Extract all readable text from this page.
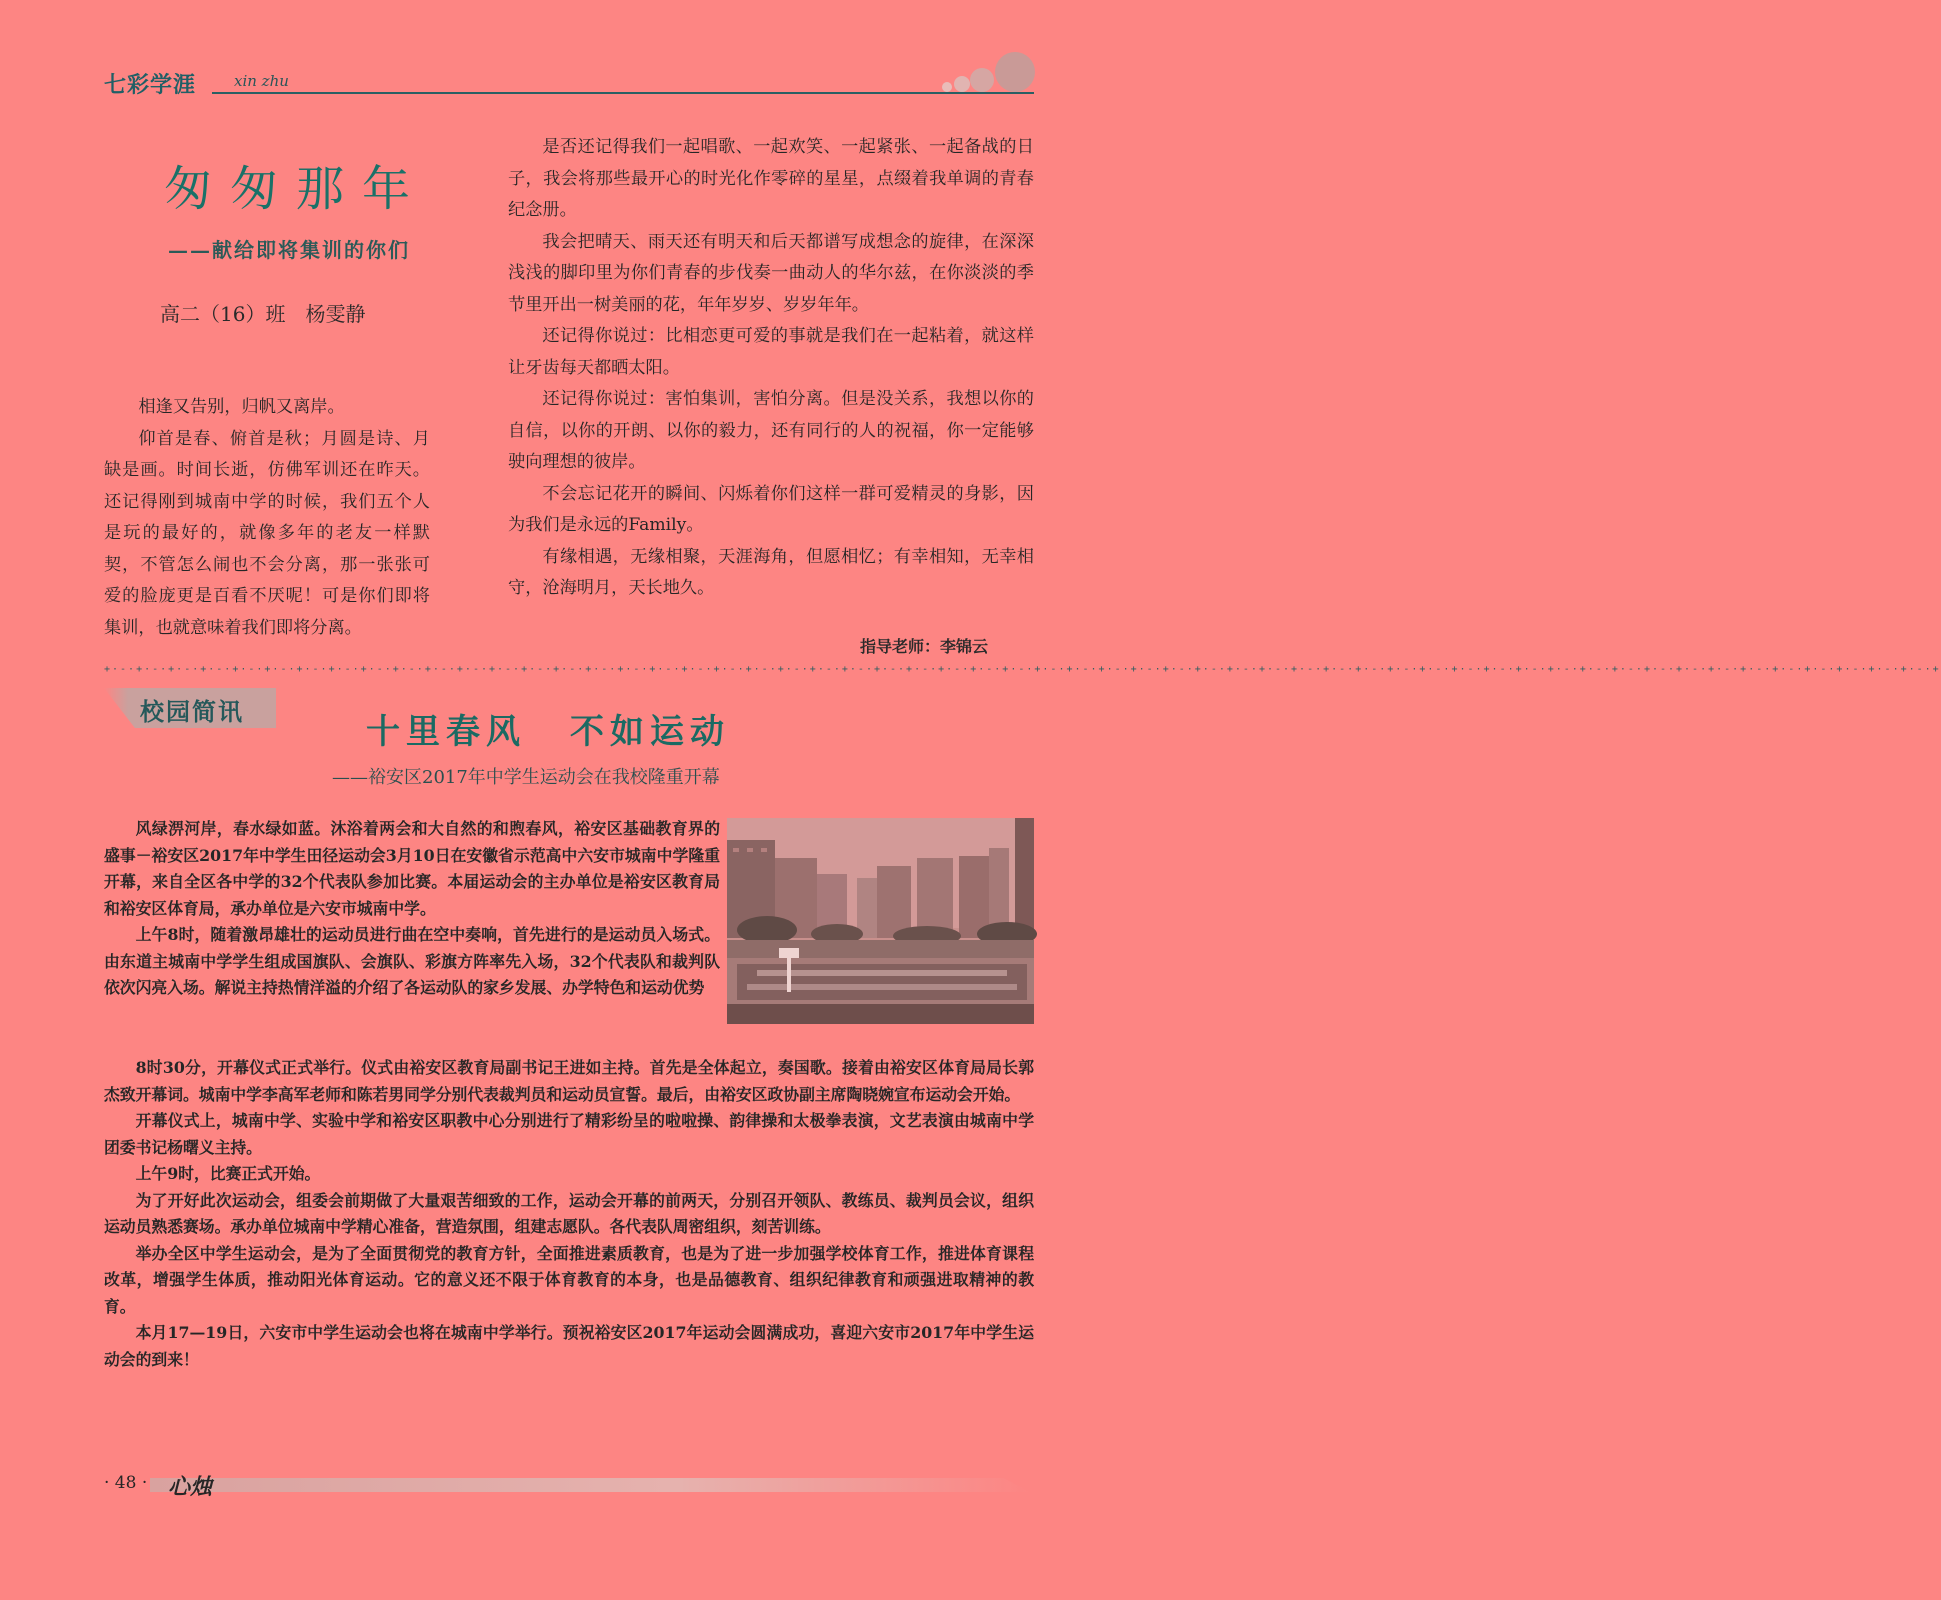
七彩学涯	xin zhu
匆匆那年
——献给即将集训的你们
高二（16）班　杨雯静

相逢又告别，归帆又离岸。

仰首是春、俯首是秋；月圆是诗、月缺是画。时间长逝，仿佛军训还在昨天。还记得刚到城南中学的时候，我们五个人是玩的最好的，就像多年的老友一样默契，不管怎么闹也不会分离，那一张张可爱的脸庞更是百看不厌呢！可是你们即将集训，也就意味着我们即将分离。

是否还记得我们一起唱歌、一起欢笑、一起紧张、一起备战的日子，我会将那些最开心的时光化作零碎的星星，点缀着我单调的青春纪念册。

我会把晴天、雨天还有明天和后天都谱写成想念的旋律，在深深浅浅的脚印里为你们青春的步伐奏一曲动人的华尔兹，在你淡淡的季节里开出一树美丽的花，年年岁岁、岁岁年年。

还记得你说过：比相恋更可爱的事就是我们在一起粘着，就这样让牙齿每天都晒太阳。

还记得你说过：害怕集训，害怕分离。但是没关系，我想以你的自信，以你的开朗、以你的毅力，还有同行的人的祝福，你一定能够驶向理想的彼岸。

不会忘记花开的瞬间、闪烁着你们这样一群可爱精灵的身影，因为我们是永远的Family。

有缘相遇，无缘相聚，天涯海角，但愿相忆；有幸相知，无幸相守，沧海明月，天长地久。

指导老师：李锦云
+·-·+·-·+·-·+·-·+·-·+·-·+·-·+·-·+·-·+·-·+·-·+·-·+·-·+·-·+·-·+·-·+·-·+·-·+·-·+·-·+·-·+·-·+·-·+·-·+·-·+·-·+·-·+·-·+·-·+·-·+·-·+·-·+·-·+·-·+·-·+·-·+·-·+·-·+·-·+·-·+·-·+·-·+·-·+·-·+·-·+·-·+·-·+·-·+·-·+·-·+·-·+·-·+·-·+·-·+·-·+·-·+·-·+
校园简讯	十里春风 不如运动
——裕安区2017年中学生运动会在我校隆重开幕

风绿淠河岸，春水绿如蓝。沐浴着两会和大自然的和煦春风，裕安区基础教育界的盛事－裕安区2017年中学生田径运动会3月10日在安徽省示范高中六安市城南中学隆重开幕，来自全区各中学的32个代表队参加比赛。本届运动会的主办单位是裕安区教育局和裕安区体育局，承办单位是六安市城南中学。

上午8时，随着激昂雄壮的运动员进行曲在空中奏响，首先进行的是运动员入场式。由东道主城南中学学生组成国旗队、会旗队、彩旗方阵率先入场，32个代表队和裁判队依次闪亮入场。解说主持热情洋溢的介绍了各运动队的家乡发展、办学特色和运动优势

8时30分，开幕仪式正式举行。仪式由裕安区教育局副书记王进如主持。首先是全体起立，奏国歌。接着由裕安区体育局局长郭杰致开幕词。城南中学李高军老师和陈若男同学分别代表裁判员和运动员宣誓。最后，由裕安区政协副主席陶晓婉宣布运动会开始。

开幕仪式上，城南中学、实验中学和裕安区职教中心分别进行了精彩纷呈的啦啦操、韵律操和太极拳表演，文艺表演由城南中学团委书记杨曙义主持。

上午9时，比赛正式开始。

为了开好此次运动会，组委会前期做了大量艰苦细致的工作，运动会开幕的前两天，分别召开领队、教练员、裁判员会议，组织运动员熟悉赛场。承办单位城南中学精心准备，营造氛围，组建志愿队。各代表队周密组织，刻苦训练。

举办全区中学生运动会，是为了全面贯彻党的教育方针，全面推进素质教育，也是为了进一步加强学校体育工作，推进体育课程改革，增强学生体质，推动阳光体育运动。它的意义还不限于体育教育的本身，也是品德教育、组织纪律教育和顽强进取精神的教育。

本月17—19日，六安市中学生运动会也将在城南中学举行。预祝裕安区2017年运动会圆满成功，喜迎六安市2017年中学生运动会的到来！

· 48 · 心烛
